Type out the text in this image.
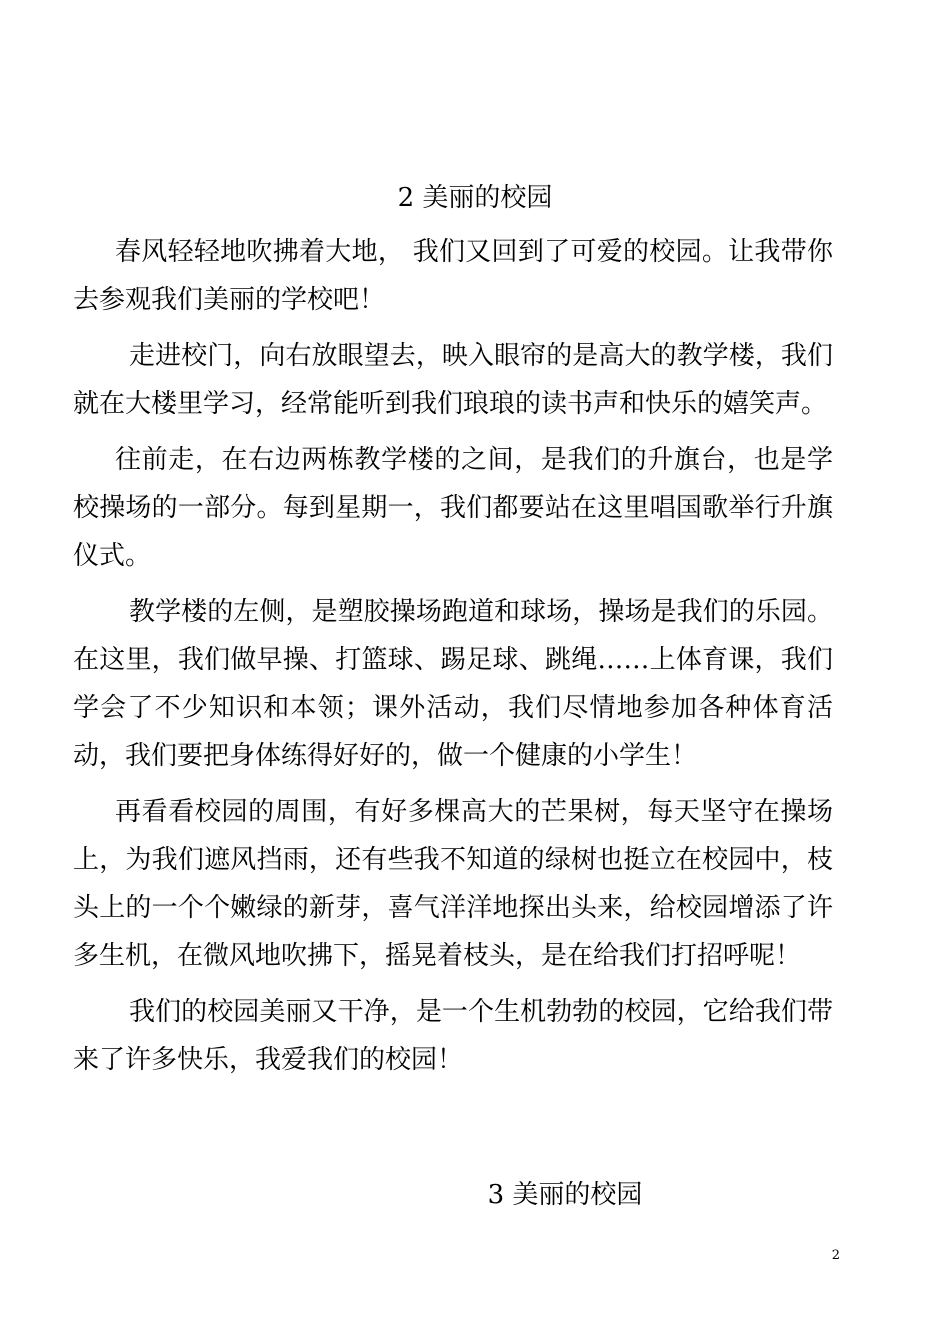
2 美丽的校园

春风轻轻地吹拂着大地， 我们又回到了可爱的校园。让我带你去参观我们美丽的学校吧！

走进校门，向右放眼望去，映入眼帘的是高大的教学楼，我们就在大楼里学习，经常能听到我们琅琅的读书声和快乐的嬉笑声。

往前走，在右边两栋教学楼的之间，是我们的升旗台，也是学校操场的一部分。每到星期一，我们都要站在这里唱国歌举行升旗仪式。

教学楼的左侧，是塑胶操场跑道和球场，操场是我们的乐园。在这里，我们做早操、打篮球、踢足球、跳绳……上体育课，我们学会了不少知识和本领；课外活动，我们尽情地参加各种体育活动，我们要把身体练得好好的，做一个健康的小学生！

再看看校园的周围，有好多棵高大的芒果树，每天坚守在操场上，为我们遮风挡雨，还有些我不知道的绿树也挺立在校园中，枝头上的一个个嫩绿的新芽，喜气洋洋地探出头来，给校园增添了许多生机，在微风地吹拂下，摇晃着枝头，是在给我们打招呼呢！

我们的校园美丽又干净，是一个生机勃勃的校园，它给我们带来了许多快乐，我爱我们的校园！

3 美丽的校园
2
